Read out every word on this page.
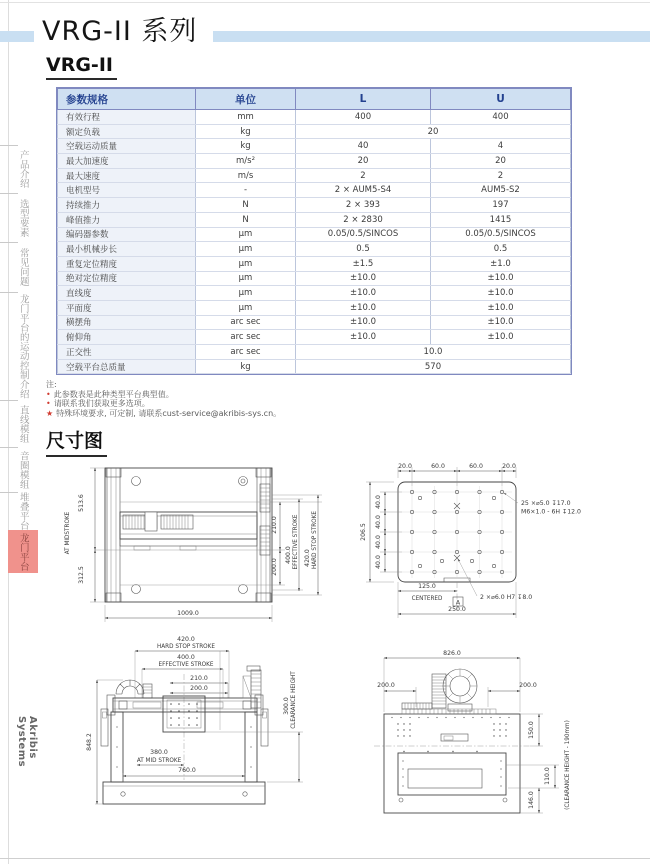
产品介绍
选型要素
常见问题
龙门平台的运动控制介绍
直线模组
音圈模组
堆叠平台
龙门平台
Akribis Systems
VRG-II 系列
VRG-II
参数规格	单位	L	U
有效行程	mm	400	400
额定负载	kg	20	
空载运动质量	kg	40	4
最大加速度	m/s²	20	20
最大速度	m/s	2	2
电机型号	-	2 × AUM5-S4	AUM5-S2
持续推力	N	2 × 393	197
峰值推力	N	2 × 2830	1415
编码器参数	μm	0.05/0.5/SINCOS	0.05/0.5/SINCOS
最小机械步长	μm	0.5	0.5
重复定位精度	μm	±1.5	±1.0
绝对定位精度	μm	±10.0	±10.0
直线度	μm	±10.0	±10.0
平面度	μm	±10.0	±10.0
横摆角	arc sec	±10.0	±10.0
俯仰角	arc sec	±10.0	±10.0
正交性	arc sec	10.0	
空载平台总质量	kg	570	
注:
• 此参数表是此种类型平台典型值。
• 请联系我们获取更多选项。
★ 特殊环境要求, 可定制, 请联系cust-service@akribis-sys.cn。
尺寸图
513.6
AT MIDSTROKE
312.5
210.0
200.0
400.0 EFFECTIVE STROKE 420.0 HARD STOP STROKE
1009.0
20.0	60.0	60.0	20.0
206.5
40.0
40.0
40.0
40.0
125.0
CENTERED
A
250.0
25 ×⌀5.0 ↧17.0
M6×1.0 - 6H ↧12.0
2 ×⌀6.0 H7 ↧8.0
420.0
HARD STOP STROKE
400.0
EFFECTIVE STROKE
210.0
200.0
848.2
300.0 CLEARANCE HEIGHT
380.0
AT MID STROKE
760.0
826.0
200.0	200.0
150.0
146.0
110.0 (CLEARANCE HEIGHT - 190mm)
